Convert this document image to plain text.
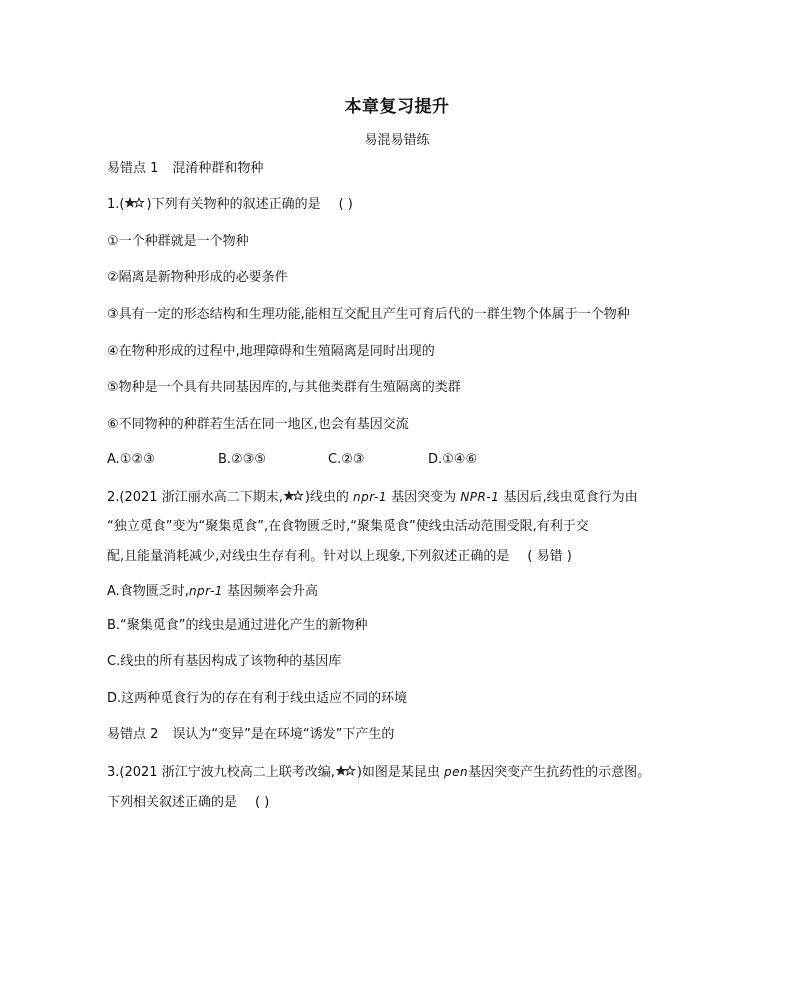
本章复习提升
易混易错练
易错点 1 混淆种群和物种
1.( )下列有关物种的叙述正确的是 ( )
①一个种群就是一个物种
②隔离是新物种形成的必要条件
③具有一定的形态结构和生理功能,能相互交配且产生可育后代的一群生物个体属于一个物种
④在物种形成的过程中,地理障碍和生殖隔离是同时出现的
⑤物种是一个具有共同基因库的,与其他类群有生殖隔离的类群
⑥不同物种的种群若生活在同一地区,也会有基因交流
A.①②③	B.②③⑤	C.②③	D.①④⑥
2.(2021 浙江丽水高二下期末, )线虫的 npr-1 基因突变为 NPR-1 基因后,线虫觅食行为由
“独立觅食”变为“聚集觅食”,在食物匮乏时,“聚集觅食”使线虫活动范围受限,有利于交
配,且能量消耗减少,对线虫生存有利。针对以上现象,下列叙述正确的是 ( 易错 )
A.食物匮乏时,npr-1 基因频率会升高
B.“聚集觅食”的线虫是通过进化产生的新物种
C.线虫的所有基因构成了该物种的基因库
D.这两种觅食行为的存在有利于线虫适应不同的环境
易错点 2 误认为“变异”是在环境“诱发”下产生的
3.(2021 浙江宁波九校高二上联考改编, )如图是某昆虫 pen基因突变产生抗药性的示意图。
下列相关叙述正确的是 ( )
